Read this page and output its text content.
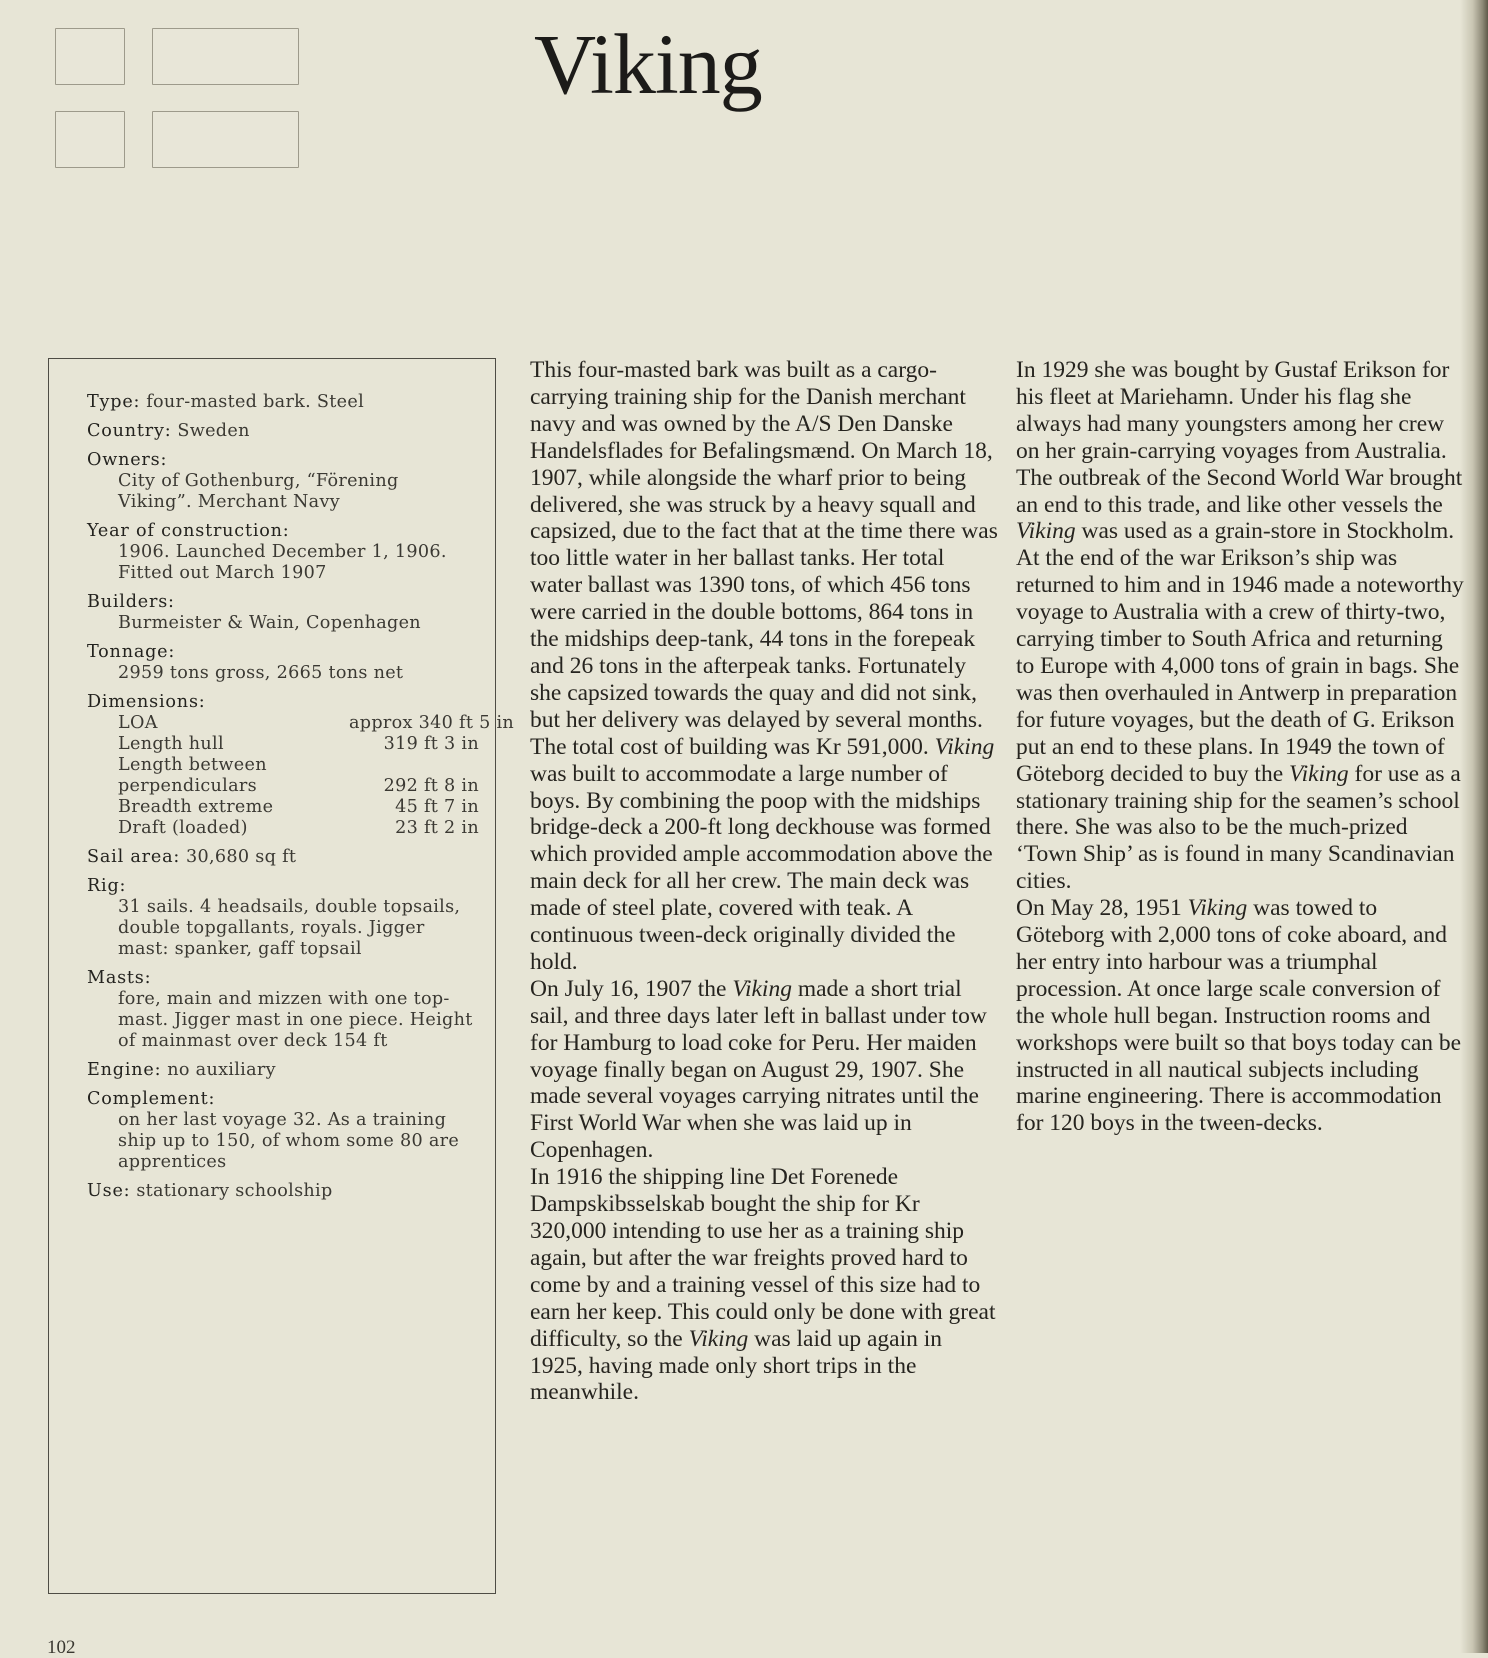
Viking
Type: four-masted bark. Steel
Country: Sweden
Owners:
City of Gothenburg, “Förening
Viking”. Merchant Navy
Year of construction:
1906. Launched December 1, 1906.
Fitted out March 1907
Builders:
Burmeister & Wain, Copenhagen
Tonnage:
2959 tons gross, 2665 tons net
Dimensions:
LOA	approx 340 ft 5 in
Length hull	319 ft 3 in
Length between
perpendiculars	292 ft 8 in
Breadth extreme	45 ft 7 in
Draft (loaded)	23 ft 2 in
Sail area: 30,680 sq ft
Rig:
31 sails. 4 headsails, double topsails,
double topgallants, royals. Jigger
mast: spanker, gaff topsail
Masts:
fore, main and mizzen with one top-
mast. Jigger mast in one piece. Height
of mainmast over deck 154 ft
Engine: no auxiliary
Complement:
on her last voyage 32. As a training
ship up to 150, of whom some 80 are
apprentices
Use: stationary schoolship

This four-masted bark was built as a cargo-carrying training ship for the Danish merchant navy and was owned by the A/S Den Danske Handelsflades for Befalingsmænd. On March 18, 1907, while alongside the wharf prior to being delivered, she was struck by a heavy squall and capsized, due to the fact that at the time there was too little water in her ballast tanks. Her total water ballast was 1390 tons, of which 456 tons were carried in the double bottoms, 864 tons in the midships deep-tank, 44 tons in the forepeak and 26 tons in the afterpeak tanks. Fortunately she capsized towards the quay and did not sink, but her delivery was delayed by several months. The total cost of building was Kr 591,000. Viking was built to accommodate a large number of boys. By combining the poop with the midships bridge-deck a 200-ft long deckhouse was formed which provided ample accommodation above the main deck for all her crew. The main deck was made of steel plate, covered with teak. A continuous tween-deck originally divided the hold.

On July 16, 1907 the Viking made a short trial sail, and three days later left in ballast under tow for Hamburg to load coke for Peru. Her maiden voyage finally began on August 29, 1907. She made several voyages carrying nitrates until the First World War when she was laid up in Copenhagen.

In 1916 the shipping line Det Forenede Dampskibsselskab bought the ship for Kr 320,000 intending to use her as a training ship again, but after the war freights proved hard to come by and a training vessel of this size had to earn her keep. This could only be done with great difficulty, so the Viking was laid up again in 1925, having made only short trips in the meanwhile.

In 1929 she was bought by Gustaf Erikson for his fleet at Mariehamn. Under his flag she always had many youngsters among her crew on her grain-carrying voyages from Australia. The outbreak of the Second World War brought an end to this trade, and like other vessels the Viking was used as a grain-store in Stockholm.

At the end of the war Erikson’s ship was returned to him and in 1946 made a noteworthy voyage to Australia with a crew of thirty-two, carrying timber to South Africa and returning to Europe with 4,000 tons of grain in bags. She was then overhauled in Antwerp in preparation for future voyages, but the death of G. Erikson put an end to these plans. In 1949 the town of Göteborg decided to buy the Viking for use as a stationary training ship for the seamen’s school there. She was also to be the much-prized ‘Town Ship’ as is found in many Scandinavian cities.

On May 28, 1951 Viking was towed to Göteborg with 2,000 tons of coke aboard, and her entry into harbour was a triumphal procession. At once large scale conversion of the whole hull began. Instruction rooms and workshops were built so that boys today can be instructed in all nautical subjects including marine engineering. There is accommodation for 120 boys in the tween-decks.

102
